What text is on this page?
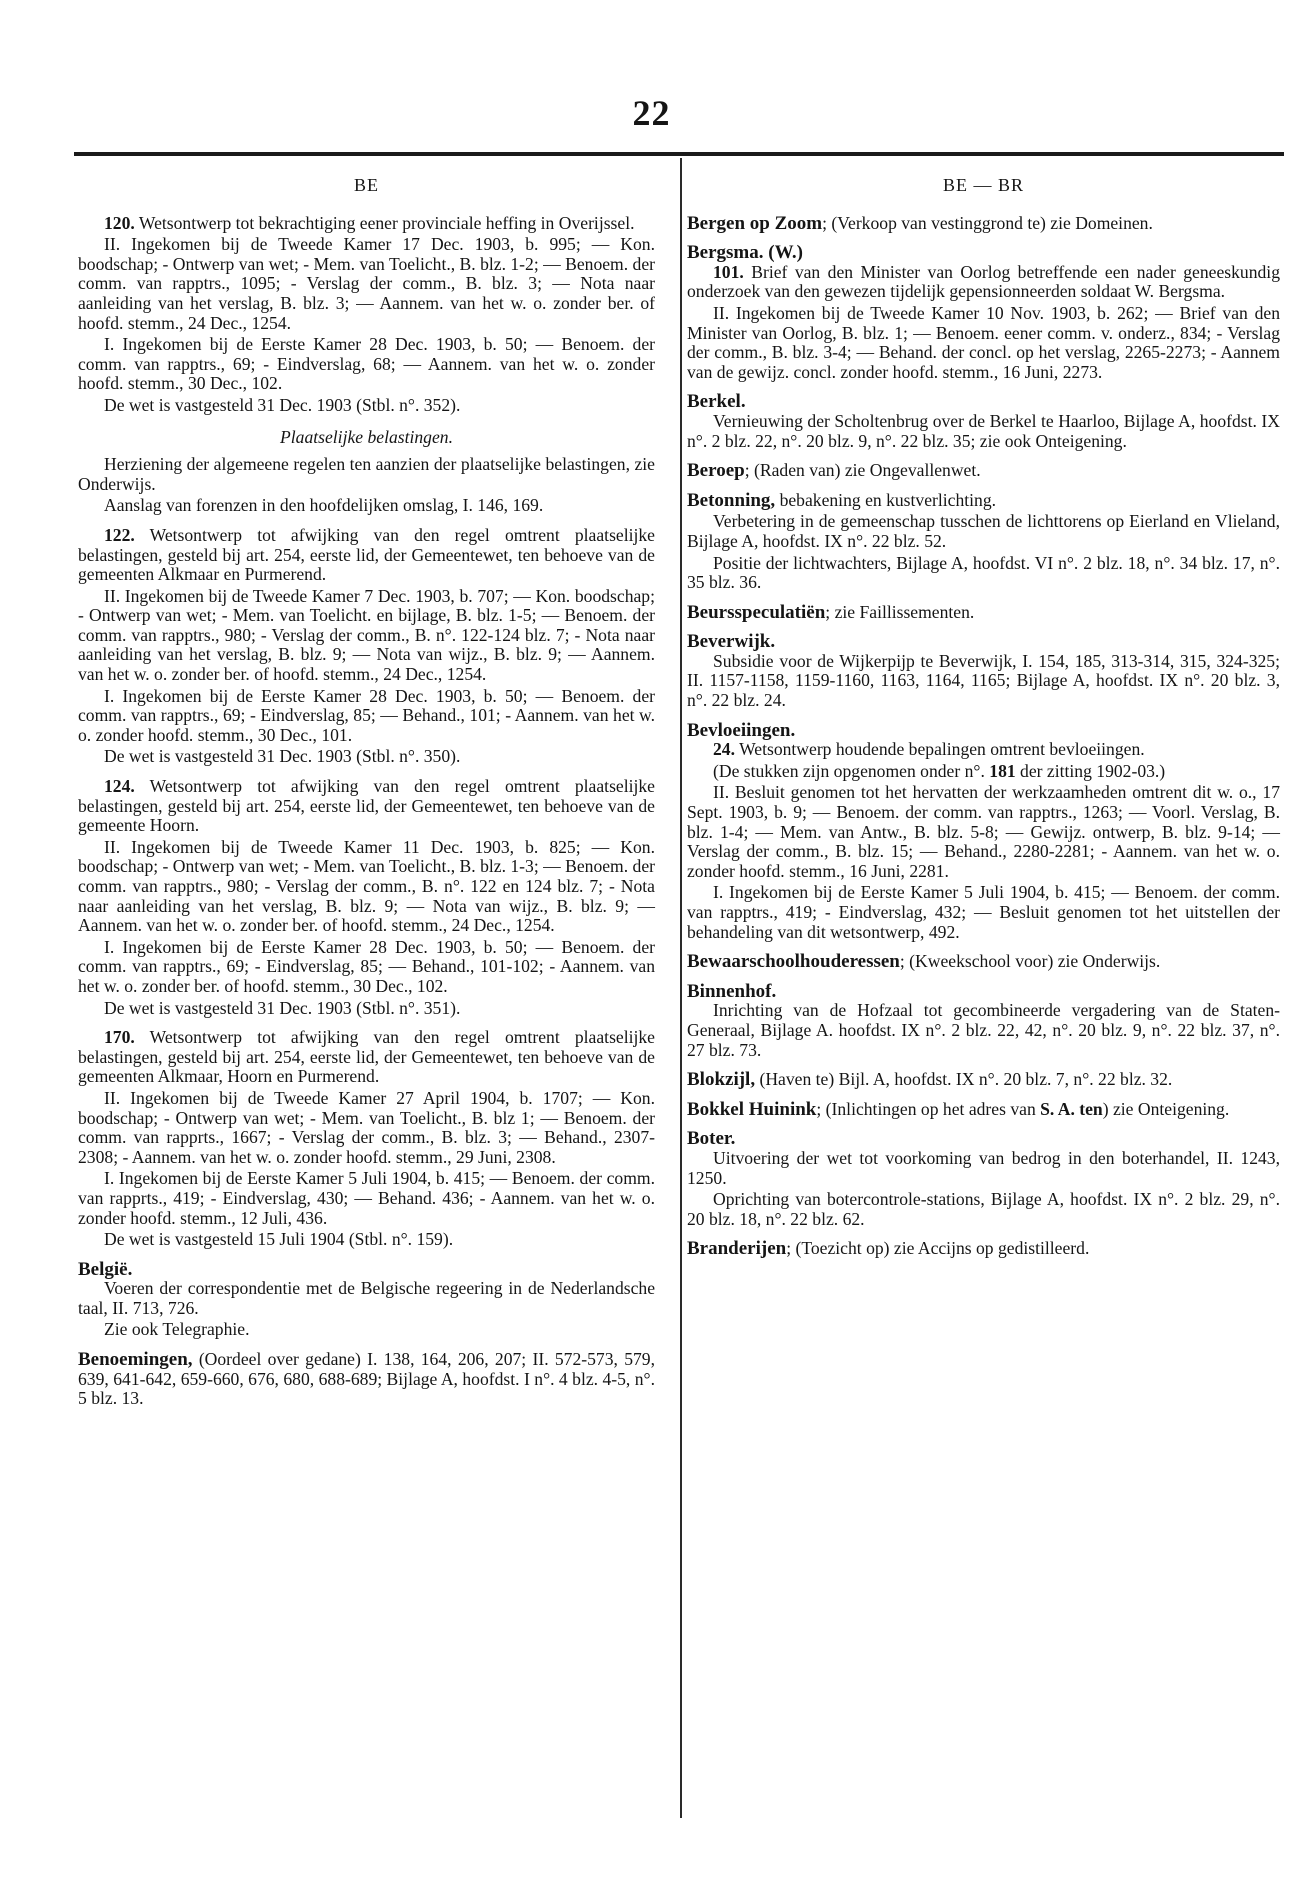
22
BE

120. Wetsontwerp tot bekrachtiging eener provinciale heffing in Overijssel.

II. Ingekomen bij de Tweede Kamer 17 Dec. 1903, b. 995; — Kon. boodschap; - Ontwerp van wet; - Mem. van Toelicht., B. blz. 1-2; — Benoem. der comm. van rapptrs., 1095; - Verslag der comm., B. blz. 3; — Nota naar aanleiding van het verslag, B. blz. 3; — Aannem. van het w. o. zonder ber. of hoofd. stemm., 24 Dec., 1254.

I. Ingekomen bij de Eerste Kamer 28 Dec. 1903, b. 50; — Benoem. der comm. van rapptrs., 69; - Eindverslag, 68; — Aannem. van het w. o. zonder hoofd. stemm., 30 Dec., 102.

De wet is vastgesteld 31 Dec. 1903 (Stbl. n°. 352).

Plaatselijke belastingen.

Herziening der algemeene regelen ten aanzien der plaatselijke belastingen, zie Onderwijs.

Aanslag van forenzen in den hoofdelijken omslag, I. 146, 169.

122. Wetsontwerp tot afwijking van den regel omtrent plaatselijke belastingen, gesteld bij art. 254, eerste lid, der Gemeentewet, ten behoeve van de gemeenten Alkmaar en Purmerend.

II. Ingekomen bij de Tweede Kamer 7 Dec. 1903, b. 707; — Kon. boodschap; - Ontwerp van wet; - Mem. van Toelicht. en bijlage, B. blz. 1-5; — Benoem. der comm. van rapptrs., 980; - Verslag der comm., B. n°. 122-124 blz. 7; - Nota naar aanleiding van het verslag, B. blz. 9; — Nota van wijz., B. blz. 9; — Aannem. van het w. o. zonder ber. of hoofd. stemm., 24 Dec., 1254.

I. Ingekomen bij de Eerste Kamer 28 Dec. 1903, b. 50; — Benoem. der comm. van rapptrs., 69; - Eindverslag, 85; — Behand., 101; - Aannem. van het w. o. zonder hoofd. stemm., 30 Dec., 101.

De wet is vastgesteld 31 Dec. 1903 (Stbl. n°. 350).

124. Wetsontwerp tot afwijking van den regel omtrent plaatselijke belastingen, gesteld bij art. 254, eerste lid, der Gemeentewet, ten behoeve van de gemeente Hoorn.

II. Ingekomen bij de Tweede Kamer 11 Dec. 1903, b. 825; — Kon. boodschap; - Ontwerp van wet; - Mem. van Toelicht., B. blz. 1-3; — Benoem. der comm. van rapptrs., 980; - Verslag der comm., B. n°. 122 en 124 blz. 7; - Nota naar aanleiding van het verslag, B. blz. 9; — Nota van wijz., B. blz. 9; — Aannem. van het w. o. zonder ber. of hoofd. stemm., 24 Dec., 1254.

I. Ingekomen bij de Eerste Kamer 28 Dec. 1903, b. 50; — Benoem. der comm. van rapptrs., 69; - Eindverslag, 85; — Behand., 101-102; - Aannem. van het w. o. zonder ber. of hoofd. stemm., 30 Dec., 102.

De wet is vastgesteld 31 Dec. 1903 (Stbl. n°. 351).

170. Wetsontwerp tot afwijking van den regel omtrent plaatselijke belastingen, gesteld bij art. 254, eerste lid, der Gemeentewet, ten behoeve van de gemeenten Alkmaar, Hoorn en Purmerend.

II. Ingekomen bij de Tweede Kamer 27 April 1904, b. 1707; — Kon. boodschap; - Ontwerp van wet; - Mem. van Toelicht., B. blz 1; — Benoem. der comm. van rapprts., 1667; - Verslag der comm., B. blz. 3; — Behand., 2307-2308; - Aannem. van het w. o. zonder hoofd. stemm., 29 Juni, 2308.

I. Ingekomen bij de Eerste Kamer 5 Juli 1904, b. 415; — Benoem. der comm. van rapprts., 419; - Eindverslag, 430; — Behand. 436; - Aannem. van het w. o. zonder hoofd. stemm., 12 Juli, 436.

De wet is vastgesteld 15 Juli 1904 (Stbl. n°. 159).

België.

Voeren der correspondentie met de Belgische regeering in de Nederlandsche taal, II. 713, 726.

Zie ook Telegraphie.

Benoemingen, (Oordeel over gedane) I. 138, 164, 206, 207; II. 572-573, 579, 639, 641-642, 659-660, 676, 680, 688-689; Bijlage A, hoofdst. I n°. 4 blz. 4-5, n°. 5 blz. 13.

BE — BR

Bergen op Zoom; (Verkoop van vestinggrond te) zie Domeinen.

Bergsma. (W.)

101. Brief van den Minister van Oorlog betreffende een nader geneeskundig onderzoek van den gewezen tijdelijk gepensionneerden soldaat W. Bergsma.

II. Ingekomen bij de Tweede Kamer 10 Nov. 1903, b. 262; — Brief van den Minister van Oorlog, B. blz. 1; — Benoem. eener comm. v. onderz., 834; - Verslag der comm., B. blz. 3-4; — Behand. der concl. op het verslag, 2265-2273; - Aannem van de gewijz. concl. zonder hoofd. stemm., 16 Juni, 2273.

Berkel.

Vernieuwing der Scholtenbrug over de Berkel te Haarloo, Bijlage A, hoofdst. IX n°. 2 blz. 22, n°. 20 blz. 9, n°. 22 blz. 35; zie ook Onteigening.

Beroep; (Raden van) zie Ongevallenwet.

Betonning, bebakening en kustverlichting.

Verbetering in de gemeenschap tusschen de lichttorens op Eierland en Vlieland, Bijlage A, hoofdst. IX n°. 22 blz. 52.

Positie der lichtwachters, Bijlage A, hoofdst. VI n°. 2 blz. 18, n°. 34 blz. 17, n°. 35 blz. 36.

Beursspeculatiën; zie Faillissementen.

Beverwijk.

Subsidie voor de Wijkerpijp te Beverwijk, I. 154, 185, 313-314, 315, 324-325; II. 1157-1158, 1159-1160, 1163, 1164, 1165; Bijlage A, hoofdst. IX n°. 20 blz. 3, n°. 22 blz. 24.

Bevloeiingen.

24. Wetsontwerp houdende bepalingen omtrent bevloeiingen.

(De stukken zijn opgenomen onder n°. 181 der zitting 1902-03.)

II. Besluit genomen tot het hervatten der werkzaamheden omtrent dit w. o., 17 Sept. 1903, b. 9; — Benoem. der comm. van rapptrs., 1263; — Voorl. Verslag, B. blz. 1-4; — Mem. van Antw., B. blz. 5-8; — Gewijz. ontwerp, B. blz. 9-14; — Verslag der comm., B. blz. 15; — Behand., 2280-2281; - Aannem. van het w. o. zonder hoofd. stemm., 16 Juni, 2281.

I. Ingekomen bij de Eerste Kamer 5 Juli 1904, b. 415; — Benoem. der comm. van rapptrs., 419; - Eindverslag, 432; — Besluit genomen tot het uitstellen der behandeling van dit wetsontwerp, 492.

Bewaarschoolhouderessen; (Kweekschool voor) zie Onderwijs.

Binnenhof.

Inrichting van de Hofzaal tot gecombineerde vergadering van de Staten-Generaal, Bijlage A. hoofdst. IX n°. 2 blz. 22, 42, n°. 20 blz. 9, n°. 22 blz. 37, n°. 27 blz. 73.

Blokzijl, (Haven te) Bijl. A, hoofdst. IX n°. 20 blz. 7, n°. 22 blz. 32.

Bokkel Huinink; (Inlichtingen op het adres van S. A. ten) zie Onteigening.

Boter.

Uitvoering der wet tot voorkoming van bedrog in den boterhandel, II. 1243, 1250.

Oprichting van botercontrole-stations, Bijlage A, hoofdst. IX n°. 2 blz. 29, n°. 20 blz. 18, n°. 22 blz. 62.

Branderijen; (Toezicht op) zie Accijns op gedistilleerd.
